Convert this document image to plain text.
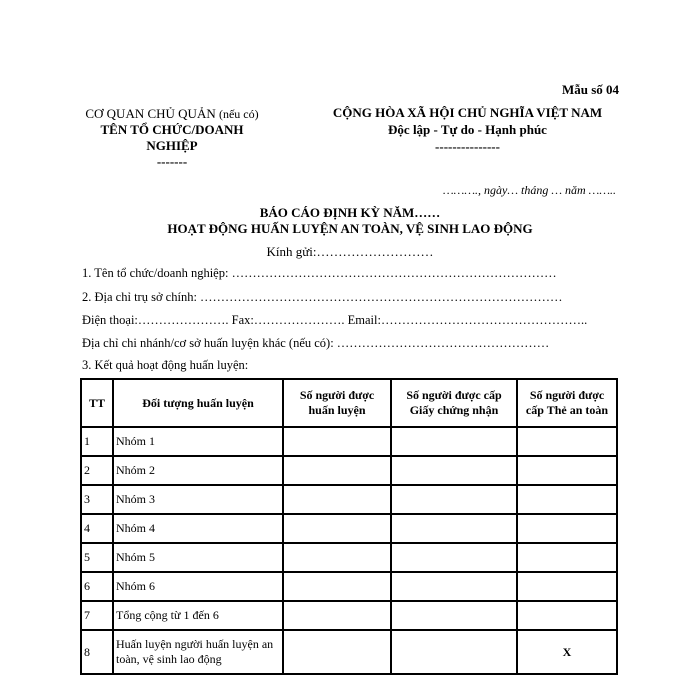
Mẫu số 04
CƠ QUAN CHỦ QUẢN (nếu có)
TÊN TỔ CHỨC/DOANH
NGHIỆP
-------
CỘNG HÒA XÃ HỘI CHỦ NGHĨA VIỆT NAM
Độc lập - Tự do - Hạnh phúc
---------------
………., ngày… tháng … năm ……..
BÁO CÁO ĐỊNH KỲ NĂM……
HOẠT ĐỘNG HUẤN LUYỆN AN TOÀN, VỆ SINH LAO ĐỘNG
Kính gửi:………………………
1. Tên tổ chức/doanh nghiệp: ……………………………………………………………………
2. Địa chỉ trụ sở chính: ……………………………………………………………………………
Điện thoại:…………………. Fax:…………………. Email:…………………………………………..
Địa chỉ chi nhánh/cơ sở huấn luyện khác (nếu có): ……………………………………………
3. Kết quả hoạt động huấn luyện:
TT	Đối tượng huấn luyện	Số người được huấn luyện	Số người được cấp Giấy chứng nhận	Số người được cấp Thẻ an toàn
1	Nhóm 1			
2	Nhóm 2			
3	Nhóm 3			
4	Nhóm 4			
5	Nhóm 5			
6	Nhóm 6			
7	Tổng cộng từ 1 đến 6			
8	Huấn luyện người huấn luyện an toàn, vệ sinh lao động			X
